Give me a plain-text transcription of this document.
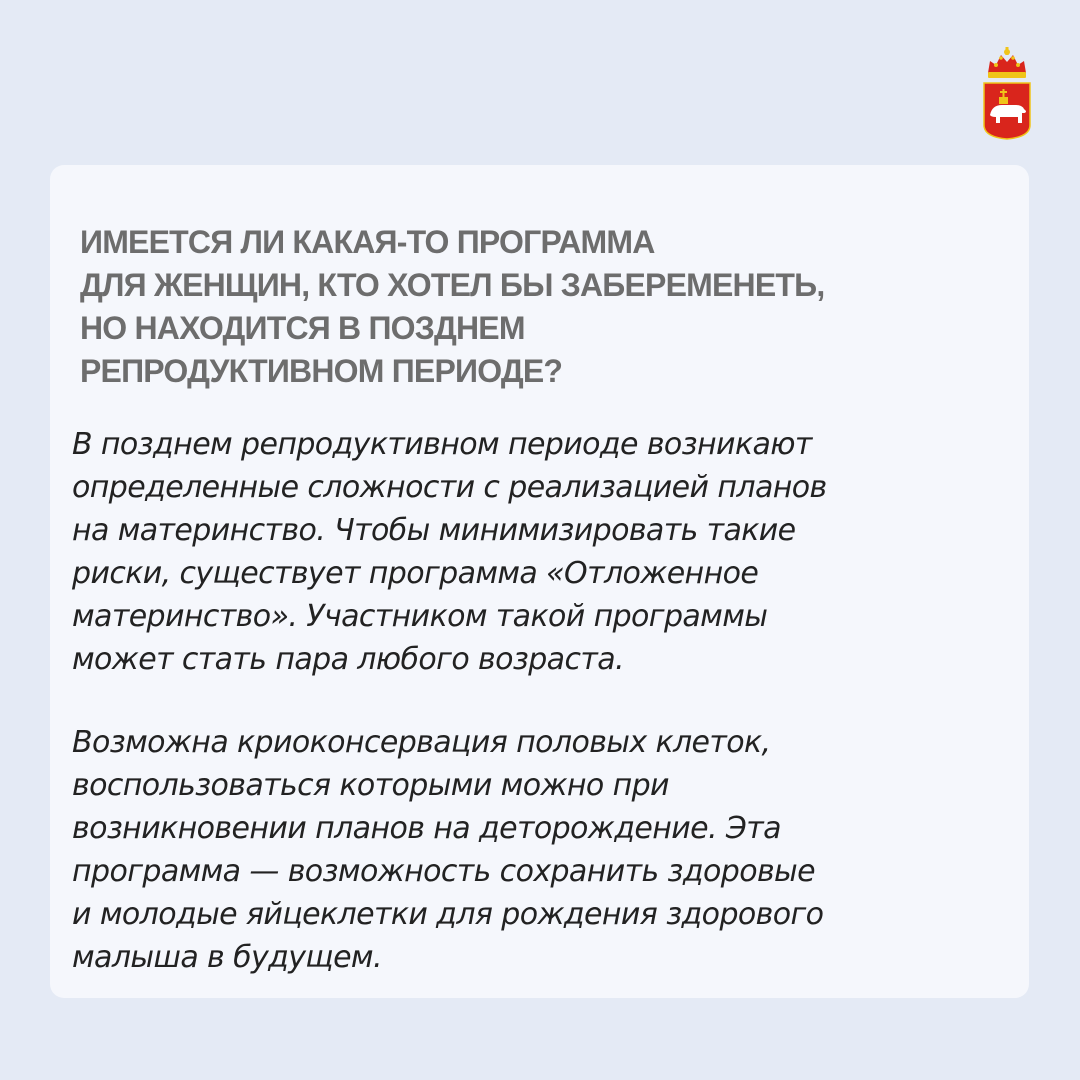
ИМЕЕТСЯ ЛИ КАКАЯ-ТО ПРОГРАММА
ДЛЯ ЖЕНЩИН, КТО ХОТЕЛ БЫ ЗАБЕРЕМЕНЕТЬ,
НО НАХОДИТСЯ В ПОЗДНЕМ
РЕПРОДУКТИВНОМ ПЕРИОДЕ?

В позднем репродуктивном периоде возникают
определенные сложности с реализацией планов
на материнство. Чтобы минимизировать такие
риски, существует программа «Отложенное
материнство». Участником такой программы
может стать пара любого возраста.

Возможна криоконсервация половых клеток,
воспользоваться которыми можно при
возникновении планов на деторождение. Эта
программа — возможность сохранить здоровые
и молодые яйцеклетки для рождения здорового
малыша в будущем.
